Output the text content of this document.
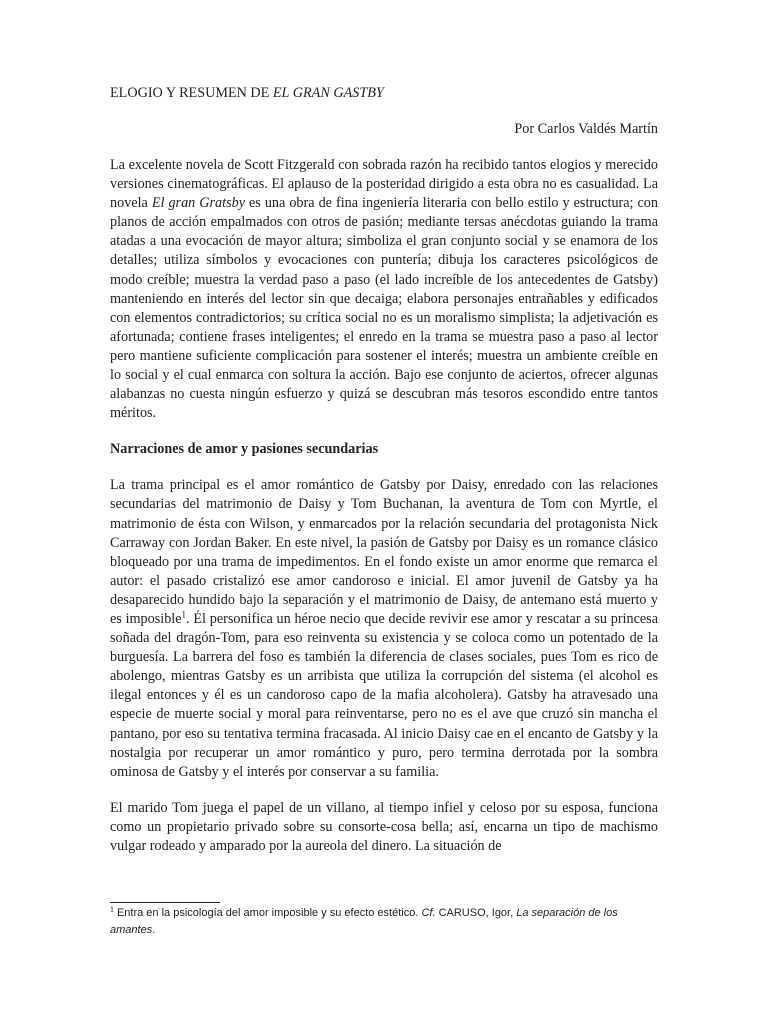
ELOGIO Y RESUMEN DE EL GRAN GASTBY

Por Carlos Valdés Martín

La excelente novela de Scott Fitzgerald con sobrada razón ha recibido tantos elogios y merecido versiones cinematográficas. El aplauso de la posteridad dirigido a esta obra no es casualidad. La novela El gran Gratsby es una obra de fina ingeniería literaria con bello estilo y estructura; con planos de acción empalmados con otros de pasión; mediante tersas anécdotas guiando la trama atadas a una evocación de mayor altura; simboliza el gran conjunto social y se enamora de los detalles; utiliza símbolos y evocaciones con puntería; dibuja los caracteres psicológicos de modo creíble; muestra la verdad paso a paso (el lado increíble de los antecedentes de Gatsby) manteniendo en interés del lector sin que decaiga; elabora personajes entrañables y edificados con elementos contradictorios; su crítica social no es un moralismo simplista; la adjetivación es afortunada; contiene frases inteligentes; el enredo en la trama se muestra paso a paso al lector pero mantiene suficiente complicación para sostener el interés; muestra un ambiente creíble en lo social y el cual enmarca con soltura la acción. Bajo ese conjunto de aciertos, ofrecer algunas alabanzas no cuesta ningún esfuerzo y quizá se descubran más tesoros escondido entre tantos méritos.

Narraciones de amor y pasiones secundarias

La trama principal es el amor romántico de Gatsby por Daisy, enredado con las relaciones secundarias del matrimonio de Daisy y Tom Buchanan, la aventura de Tom con Myrtle, el matrimonio de ésta con Wilson, y enmarcados por la relación secundaria del protagonista Nick Carraway con Jordan Baker. En este nivel, la pasión de Gatsby por Daisy es un romance clásico bloqueado por una trama de impedimentos. En el fondo existe un amor enorme que remarca el autor: el pasado cristalizó ese amor candoroso e inicial. El amor juvenil de Gatsby ya ha desaparecido hundido bajo la separación y el matrimonio de Daisy, de antemano está muerto y es imposible$^1$. Él personifica un héroe necio que decide revivir ese amor y rescatar a su princesa soñada del dragón-Tom, para eso reinventa su existencia y se coloca como un potentado de la burguesía. La barrera del foso es también la diferencia de clases sociales, pues Tom es rico de abolengo, mientras Gatsby es un arribista que utiliza la corrupción del sistema (el alcohol es ilegal entonces y él es un candoroso capo de la mafia alcoholera). Gatsby ha atravesado una especie de muerte social y moral para reinventarse, pero no es el ave que cruzó sin mancha el pantano, por eso su tentativa termina fracasada. Al inicio Daisy cae en el encanto de Gatsby y la nostalgia por recuperar un amor romántico y puro, pero termina derrotada por la sombra ominosa de Gatsby y el interés por conservar a su familia.

El marido Tom juega el papel de un villano, al tiempo infiel y celoso por su esposa, funciona como un propietario privado sobre su consorte-cosa bella; así, encarna un tipo de machismo vulgar rodeado y amparado por la aureola del dinero. La situación de

$^1$ Entra en la psicología del amor imposible y su efecto estético. Cf. CARUSO, Igor, La separación de los amantes.
